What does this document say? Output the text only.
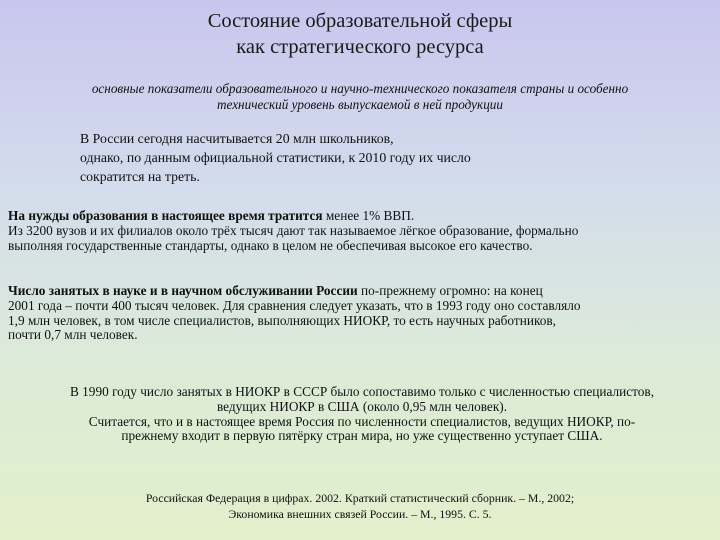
Состояние образовательной сферы
как стратегического ресурса
основные показатели образовательного и научно-технического показателя страны и особенно
технический уровень выпускаемой в ней продукции
В России сегодня насчитывается 20 млн школьников,
однако, по данным официальной статистики, к 2010 году их число
сократится на треть.
На нужды образования в настоящее время тратится менее 1% ВВП.
Из 3200 вузов и их филиалов около трёх тысяч дают так называемое лёгкое образование, формально
выполняя государственные стандарты, однако в целом не обеспечивая высокое его качество.
Число занятых в науке и в научном обслуживании России по-прежнему огромно: на конец
2001 года – почти 400 тысяч человек. Для сравнения следует указать, что в 1993 году оно составляло
1,9 млн человек, в том числе специалистов, выполняющих НИОКР, то есть научных работников,
почти 0,7 млн человек.
В 1990 году число занятых в НИОКР в СССР было сопоставимо только с численностью специалистов,
ведущих НИОКР в США (около 0,95 млн человек).
Считается, что и в настоящее время Россия по численности специалистов, ведущих НИОКР, по-
прежнему входит в первую пятёрку стран мира, но уже существенно уступает США.
Российская Федерация в цифрах. 2002. Краткий статистический сборник. – М., 2002;
Экономика внешних связей России. – М., 1995. С. 5.
